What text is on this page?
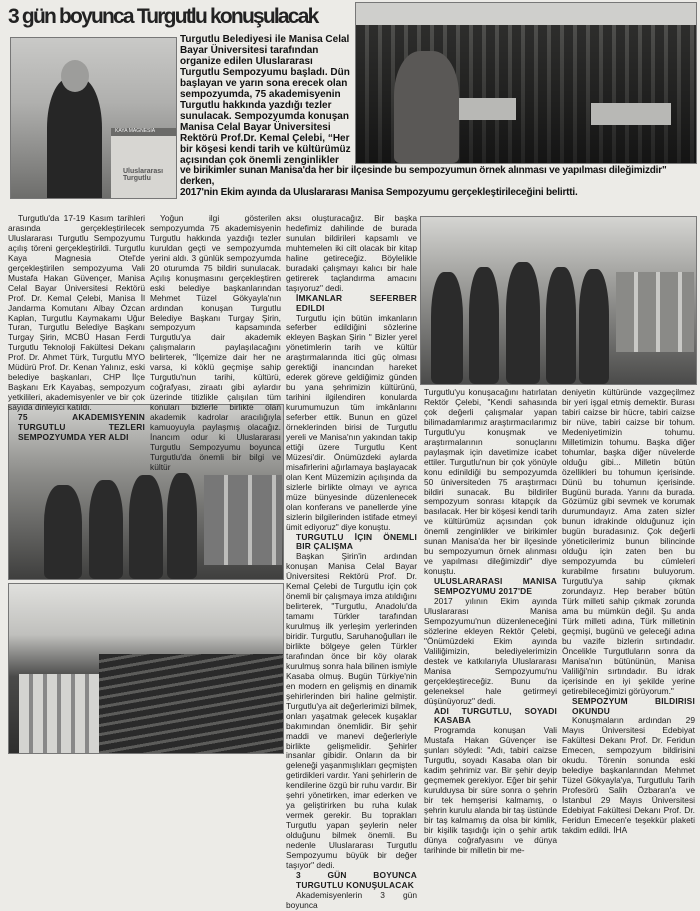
3 gün boyunca Turgutlu konuşulacak
KAYA MAGNESIA
Uluslararası Turgutlu
Turgutlu Belediyesi ile Manisa Celal Bayar Üniversitesi tarafından organize edilen Uluslararası Turgutlu Sempozyumu başladı. Dün başlayan ve yarın sona erecek olan sempozyumda, 75 akademisyenin Turgutlu hakkında yazdığı tezler sunulacak. Sempozyumda konuşan Manisa Celal Bayar Üniversitesi Rektörü Prof.Dr. Kemal Çelebi, “Her bir köşesi kendi tarih ve kültürümüz açısından çok önemli zenginlikler
ve birikimler sunan Manisa'da her bir ilçesinde bu sempozyumun örnek alınması ve yapılması dileğimizdir" derken,
2017'nin Ekim ayında da Uluslararası Manisa Sempozyumu gerçekleştirileceğini belirtti.

Turgutlu'da 17-19 Kasım tarihleri arasında gerçekleştirilecek Uluslararası Turgutlu Sempozyumu açılış töreni gerçekleştirildi. Turgutlu Kaya Magnesia Otel'de gerçekleştirilen sempozyuma Vali Mustafa Hakan Güvençer, Manisa Celal Bayar Üniversitesi Rektörü Prof. Dr. Kemal Çelebi, Manisa İl Jandarma Komutanı Albay Özcan Kaplan, Turgutlu Kaymakamı Uğur Turan, Turgutlu Belediye Başkanı Turgay Şirin, MCBÜ Hasan Ferdi Turgutlu Teknoloji Fakültesi Dekanı Prof. Dr. Ahmet Türk, Turgutlu MYO Müdürü Prof. Dr. Kenan Yalınız, eski belediye başkanları, CHP İlçe Başkanı Erk Kayabaş, sempozyum yetkilileri, akademisyenler ve bir çok sayıda dinleyici katıldı.

75 AKADEMISYENIN TURGUTLU TEZLERI SEMPOZYUMDA YER ALDI

Yoğun ilgi gösterilen sempozyumda 75 akademisyenin Turgutlu hakkında yazdığı tezler kuruldan geçti ve sempozyumda yerini aldı. 3 günlük sempozyumda 20 oturumda 75 bildiri sunulacak. Açılış konuşmasını gerçekleştiren eski belediye başkanlarından Mehmet Tüzel Gökyayla'nın ardından konuşan Turgutlu Belediye Başkanı Turgay Şirin, sempozyum kapsamında Turgutlu'ya dair akademik çalışmaların paylaşılacağını belirterek, "İlçemize dair her ne varsa, ki köklü geçmişe sahip Turgutlu'nun tarihi, kültürü, coğrafyası, ziraatı gibi aylardır üzerinde titizlikle çalışılan tüm konuları bizlerle birlikte olan akademik kadrolar aracılığıyla kamuoyuyla paylaşmış olacağız. İnancım odur ki Uluslararası Turgutlu Sempozyumu boyunca Turgutlu'da önemli bir bilgi ve kültür

aksı oluşturacağız. Bir başka hedefimiz dahilinde de burada sunulan bildirileri kapsamlı ve muhtemelen iki cilt olacak bir kitap haline getireceğiz. Böylelikle buradaki çalışmayı kalıcı bir hale getirerek taçlandırma amacını taşıyoruz" dedi.

İMKANLAR SEFERBER EDILDI

Turgutlu için bütün imkanların seferber edildiğini sözlerine ekleyen Başkan Şirin " Bizler yerel yönetimlerin tarih ve kültür araştırmalarında itici güç olması gerektiği inancından hareket ederek göreve geldiğimiz günden bu yana şehrimizin kültürünü, tarihini ilgilendiren konularda kurumumuzun tüm imkânlarını seferber ettik. Bunun en güzel örneklerinden birisi de Turgutlu yereli ve Manisa'nın yakından takip ettiği üzere Turgutlu Kent Müzesi'dir. Önümüzdeki aylarda misafirlerini ağırlamaya başlayacak olan Kent Müzemizin açılışında da sizlerle birlikte olmayı ve ayrıca müze bünyesinde düzenlenecek olan konferans ve panellerde yine sizlerin bilgilerinden istifade etmeyi ümit ediyoruz" diye konuştu.

TURGUTLU İÇIN ÖNEMLI BIR ÇALIŞMA

Başkan Şirin'in ardından konuşan Manisa Celal Bayar Üniversitesi Rektörü Prof. Dr. Kemal Çelebi de Turgutlu için çok önemli bir çalışmaya imza atıldığını belirterek, "Turgutlu, Anadolu'da tamamı Türkler tarafından kurulmuş ilk yerleşim yerlerinden biridir. Turgutlu, Saruhanoğulları ile birlikte bölgeye gelen Türkler tarafından önce bir köy olarak kurulmuş sonra hala bilinen ismiyle Kasaba olmuş. Bugün Türkiye'nin en modern en gelişmiş en dinamik şehirlerinden biri haline gelmiştir. Turgutlu'ya ait değerlerimizi bilmek, onları yaşatmak gelecek kuşaklar bakımından önemlidir. Bir şehir maddi ve manevi değerleriyle birlikte gelişmelidir. Şehirler insanlar gibidir. Onların da bir geleneği yaşanmışlıkları geçmişten getirdikleri vardır. Yani şehirlerin de kendilerine özgü bir ruhu vardır. Bir şehri yönetirken, imar ederken ve ya geliştirirken bu ruha kulak vermek gerekir. Bu toprakları Turgutlu yapan şeylerin neler olduğunu bilmek önemli. Bu nedenle Uluslararası Turgutlu Sempozyumu büyük bir değer taşıyor" dedi.

3 GÜN BOYUNCA TURGUTLU KONUŞULACAK

Akademisyenlerin 3 gün boyunca

Turgutlu'yu konuşacağını hatırlatan Rektör Çelebi, "Kendi sahasında çok değerli çalışmalar yapan bilimadamlarımız araştırmacılarımız Turgutlu'yu konuşmak ve araştırmalarının sonuçlarını paylaşmak için davetimize icabet ettiler. Turgutlu'nun bir çok yönüyle konu edinildiği bu sempozyumda 50 üniversiteden 75 araştırmacı bildiri sunacak. Bu bildiriler sempozyum sonrası kitapçık da basılacak. Her bir köşesi kendi tarih ve kültürümüz açısından çok önemli zenginlikler ve birikimler sunan Manisa'da her bir ilçesinde bu sempozyumun örnek alınması ve yapılması dileğimizdir" diye konuştu.

ULUSLARARASI MANISA SEMPOZYUMU 2017'DE

2017 yılının Ekim ayında Uluslararası Manisa Sempozyumu'nun düzenleneceğini sözlerine ekleyen Rektör Çelebi, "Önümüzdeki Ekim ayında Valiliğimizin, belediyelerimizin destek ve katkılarıyla Uluslararası Manisa Sempozyumu'nu gerçekleştireceğiz. Bunu da geleneksel hale getirmeyi düşünüyoruz" dedi.

ADI TURGUTLU, SOYADI KASABA

Programda konuşan Vali Mustafa Hakan Güvençer ise şunları söyledi: "Adı, tabiri caizse Turgutlu, soyadı Kasaba olan bir kadim şehrimiz var. Bir şehir deyip geçmemek gerekiyor. Eğer bir şehir kurulduysa bir süre sonra o şehrin bir tek hemşerisi kalmamış, o şehrin kurulu alanda bir taş üstünde bir taş kalmamış da olsa bir kimlik, bir kişilik taşıdığı için o şehir artık dünya coğrafyasını ve dünya tarihinde bir milletin bir me-

deniyetin kültüründe vazgeçilmez bir yeri işgal etmiş demektir. Burası tabiri caizse bir hücre, tabiri caizse bir nüve, tabiri caizse bir tohum. Medeniyetimizin tohumu. Milletimizin tohumu. Başka diğer tohumlar, başka diğer nüvelerde olduğu gibi... Milletin bütün özellikleri bu tohumun içerisinde. Dünü bu tohumun içerisinde. Bugünü burada. Yarını da burada. Gözümüz gibi sevmek ve korumak durumundayız. Ama zaten sizler bunun idrakinde olduğunuz için bugün buradasınız. Çok değerli yöneticilerimiz bunun bilincinde olduğu için zaten ben bu sempozyumda bu cümleleri kurabilme fırsatını buluyorum. Turgutlu'ya sahip çıkmak zorundayız. Hep beraber bütün Türk milleti sahip çıkmak zorunda ama bu mümkün değil. Şu anda Türk milleti adına, Türk milletinin geçmişi, bugünü ve geleceği adına bu vazife bizlerin sırtındadır. Öncelikle Turgutluların sonra da Manisa'nın bütününün, Manisa Valiliği'nin sırtındadır. Bu idrak içerisinde en iyi şekilde yerine getirebileceğimizi görüyorum."

SEMPOZYUM BILDIRISI OKUNDU

Konuşmaların ardından 29 Mayıs Üniversitesi Edebiyat Fakültesi Dekanı Prof. Dr. Feridun Emecen, sempozyum bildirisini okudu. Törenin sonunda eski belediye başkanlarından Mehmet Tüzel Gökyayla'ya, Turgutlulu Tarih Profesörü Salih Özbaran'a ve İstanbul 29 Mayıs Üniversitesi Edebiyat Fakültesi Dekanı Prof. Dr. Feridun Emecen'e teşekkür plaketi takdim edildi. İHA
